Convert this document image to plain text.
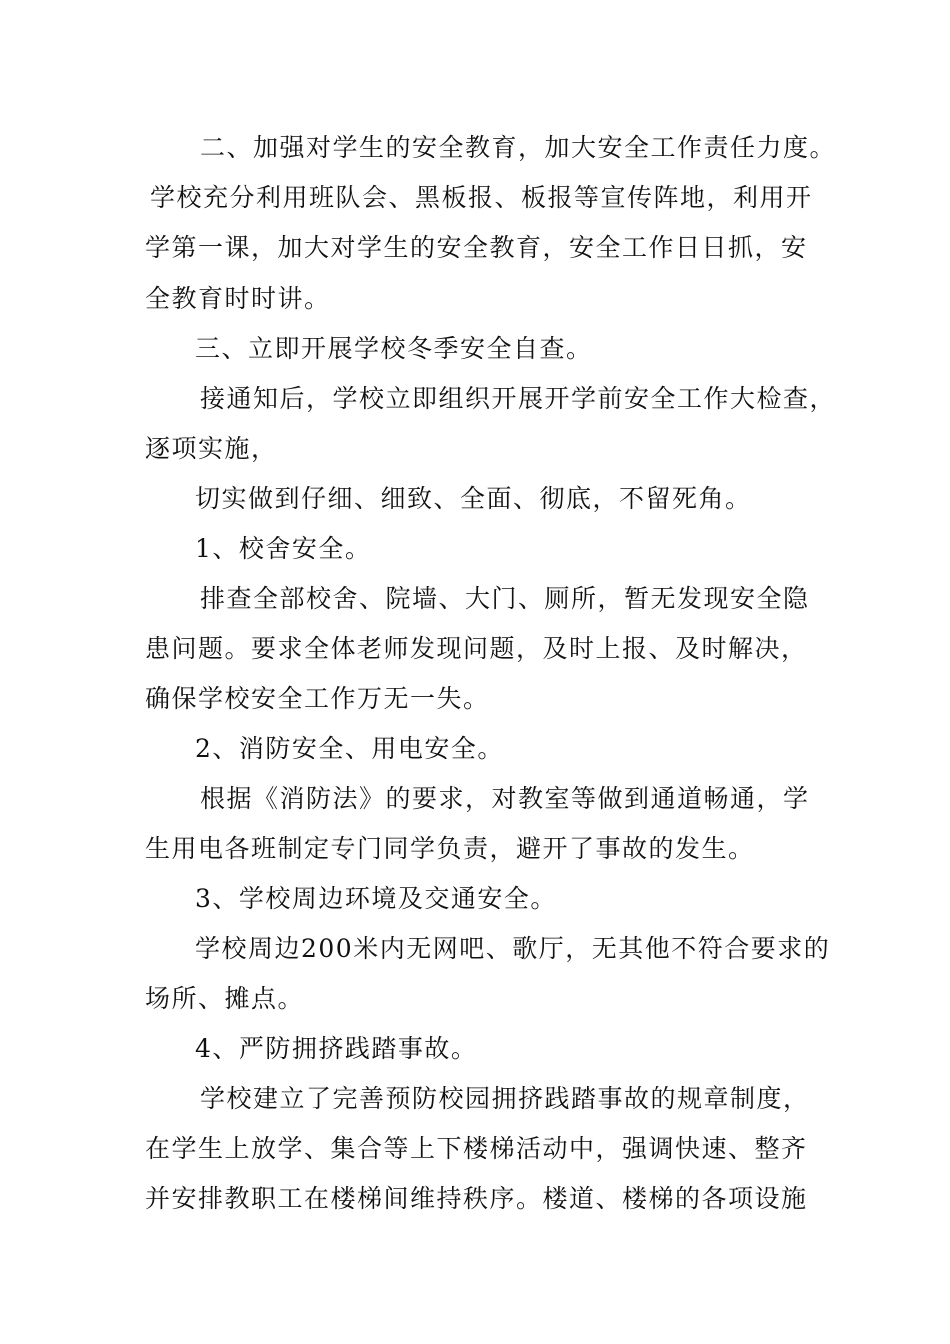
二、加强对学生的安全教育，加大安全工作责任力度。
学校充分利用班队会、黑板报、板报等宣传阵地，利用开
学第一课，加大对学生的安全教育，安全工作日日抓，安
全教育时时讲。
三、立即开展学校冬季安全自查。
接通知后，学校立即组织开展开学前安全工作大检查，
逐项实施，
切实做到仔细、细致、全面、彻底，不留死角。
1、校舍安全。
排查全部校舍、院墙、大门、厕所，暂无发现安全隐
患问题。要求全体老师发现问题，及时上报、及时解决，
确保学校安全工作万无一失。
2、消防安全、用电安全。
根据《消防法》的要求，对教室等做到通道畅通，学
生用电各班制定专门同学负责，避开了事故的发生。
3、学校周边环境及交通安全。
学校周边200米内无网吧、歌厅，无其他不符合要求的
场所、摊点。
4、严防拥挤践踏事故。
学校建立了完善预防校园拥挤践踏事故的规章制度，
在学生上放学、集合等上下楼梯活动中，强调快速、整齐
并安排教职工在楼梯间维持秩序。楼道、楼梯的各项设施
